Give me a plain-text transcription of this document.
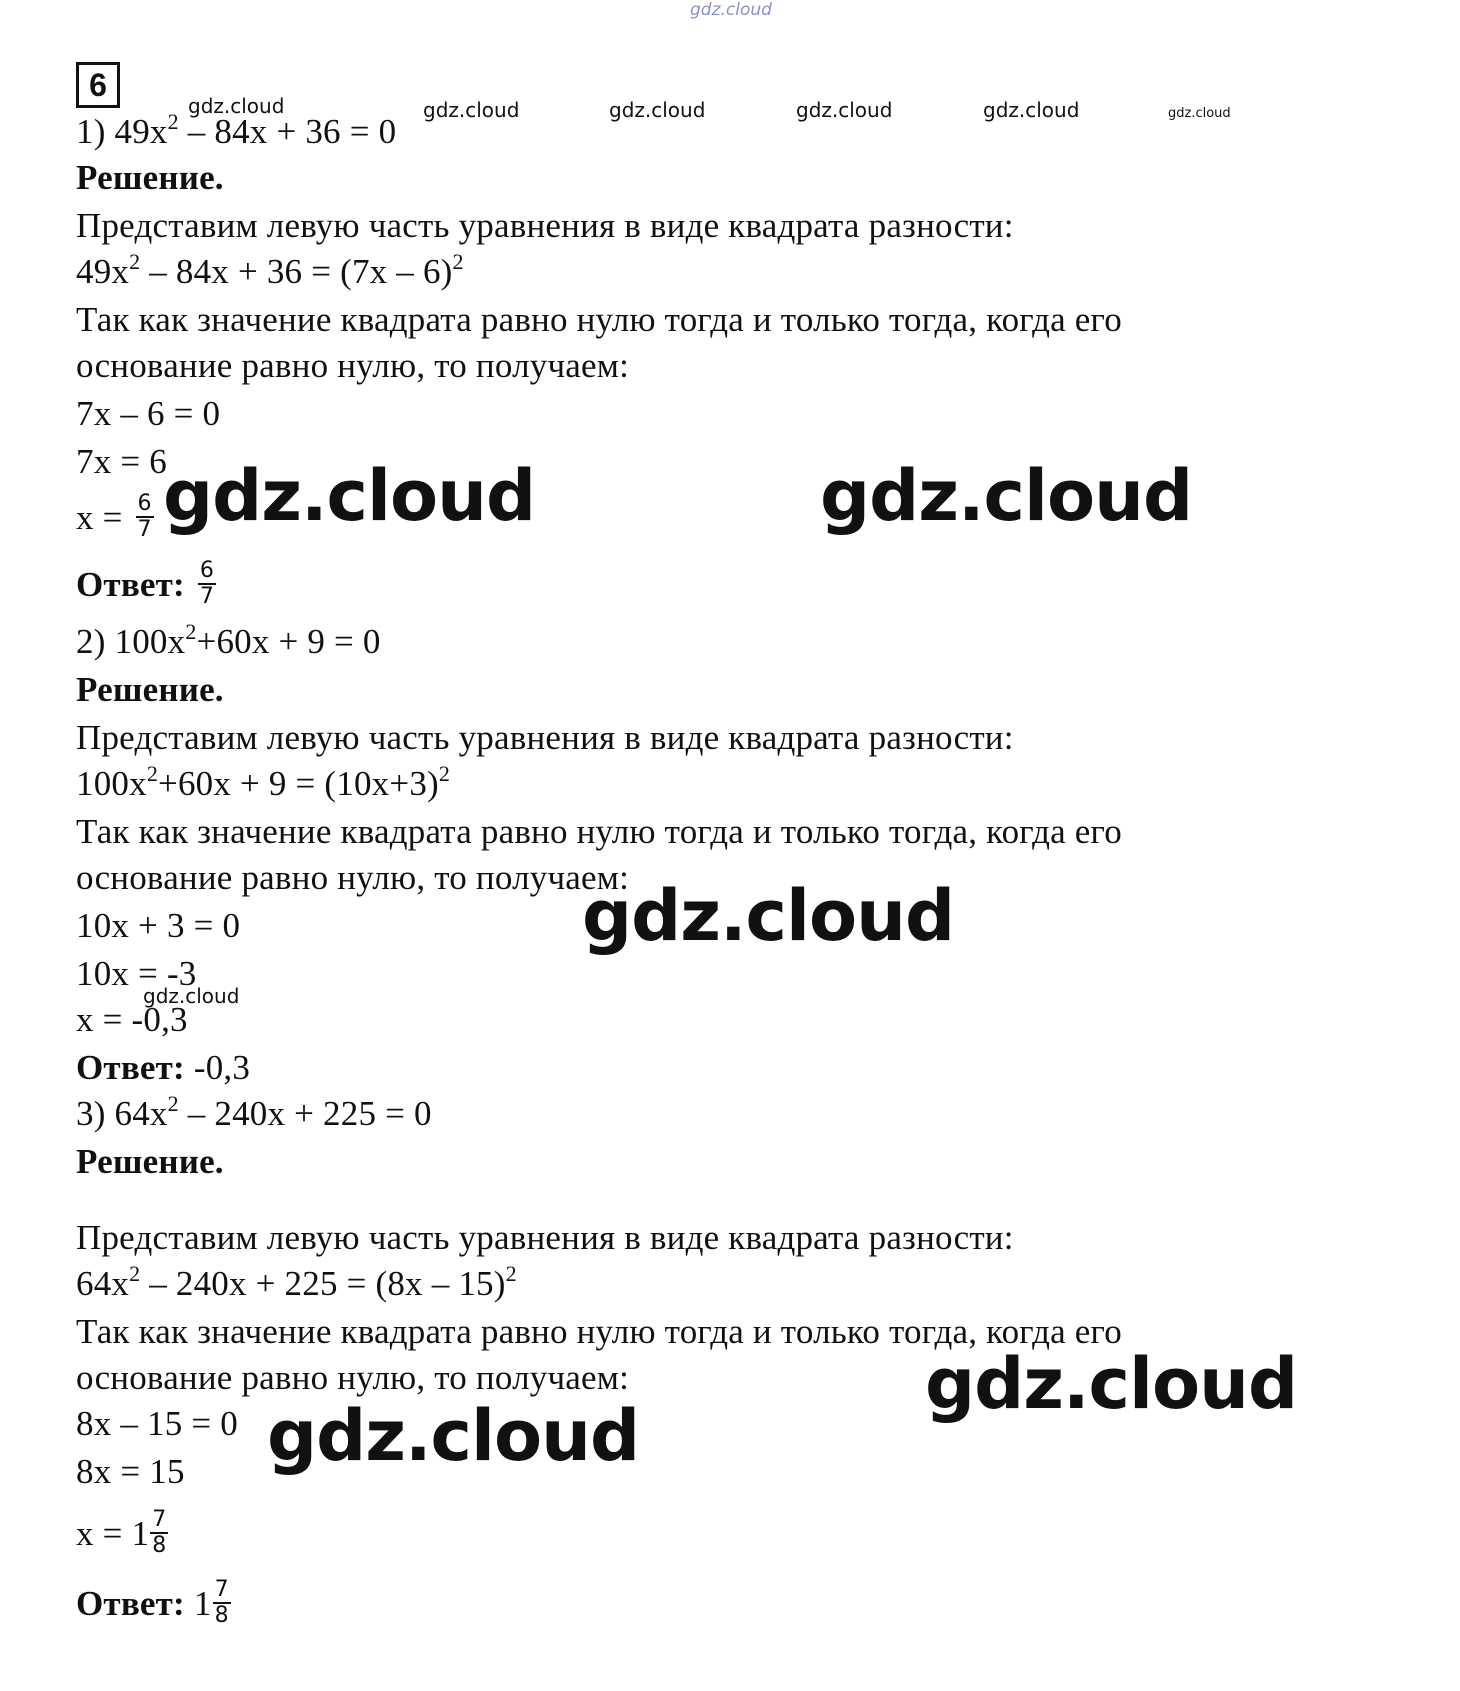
gdz.cloud
gdz.cloud	gdz.cloud	gdz.cloud	gdz.cloud	gdz.cloud	gdz.cloud
gdz.cloud	gdz.cloud
gdz.cloud
gdz.cloud
gdz.cloud
gdz.cloud
6
1) $49x^2 - 84x + 36 = 0$
Решение.
Представим левую часть уравнения в виде квадрата разности:
$49x^2 - 84x + 36 = (7x - 6)^2$
Так как значение квадрата равно нулю тогда и только тогда, когда его
основание равно нулю, то получаем:
7x – 6 = 0
7x = 6
$x = \frac{6}{7}$
Ответ: $\frac{6}{7}$
2) $100x^2+60x + 9 = 0$
Решение.
Представим левую часть уравнения в виде квадрата разности:
$100x^2+60x + 9 = (10x+3)^2$
Так как значение квадрата равно нулю тогда и только тогда, когда его
основание равно нулю, то получаем:
10x + 3 = 0
10x = -3
x = -0,3
Ответ: -0,3
3) $64x^2 - 240x + 225 = 0$
Решение.
Представим левую часть уравнения в виде квадрата разности:
$64x^2 - 240x + 225 = (8x - 15)^2$
Так как значение квадрата равно нулю тогда и только тогда, когда его
основание равно нулю, то получаем:
8x – 15 = 0
8x = 15
$x = 1 \frac{7}{8}$
Ответ: $1 \frac{7}{8}$
